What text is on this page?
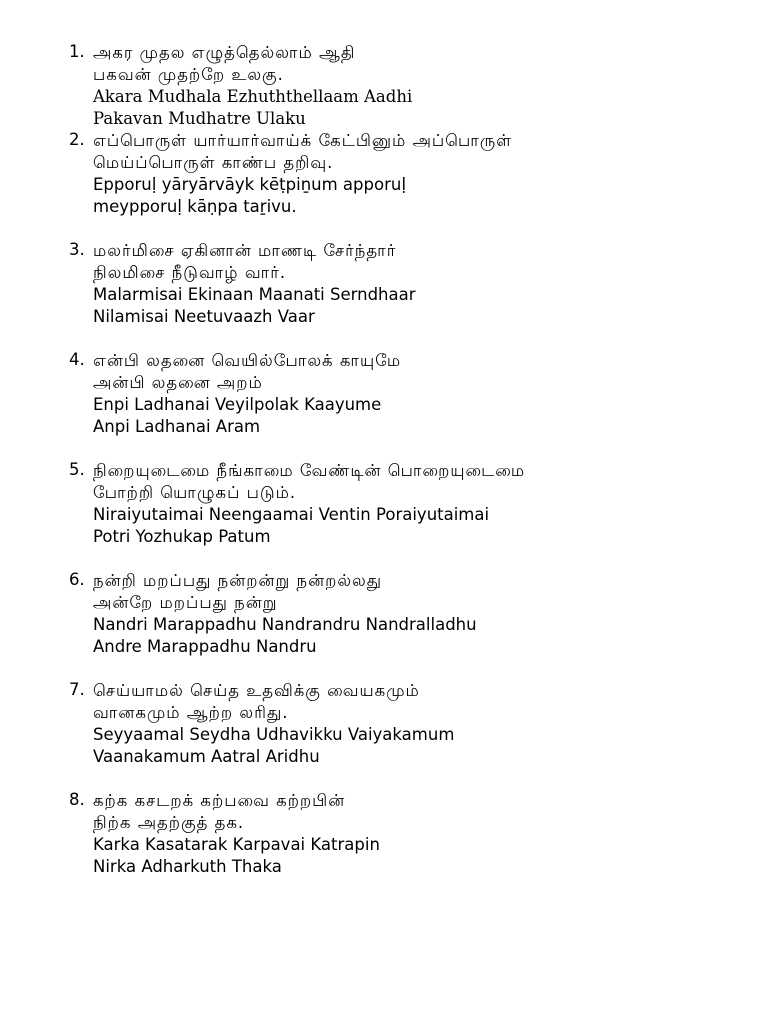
1. அகர முதல எழுத்தெல்லாம் ஆதி
பகவன் முதற்றே உலகு.
Akara Mudhala Ezhuththellaam Aadhi
Pakavan Mudhatre Ulaku
2. எப்பொருள் யார்யார்வாய்க் கேட்பினும் அப்பொருள்
மெய்ப்பொருள் காண்ப தறிவு.
Epporuḷ yāryārvāyk kēṭpiṉum apporuḷ
meypporuḷ kāṇpa taṟivu.
3. மலர்மிசை ஏகினான் மாணடி சேர்ந்தார்
நிலமிசை நீடுவாழ் வார்.
Malarmisai Ekinaan Maanati Serndhaar
Nilamisai Neetuvaazh Vaar
4. என்பி லதனை வெயில்போலக் காயுமே
அன்பி லதனை அறம்
Enpi Ladhanai Veyilpolak Kaayume
Anpi Ladhanai Aram
5. நிறையுடைமை நீங்காமை வேண்டின் பொறையுடைமை
போற்றி யொழுகப் படும்.
Niraiyutaimai Neengaamai Ventin Poraiyutaimai
Potri Yozhukap Patum
6. நன்றி மறப்பது நன்றன்று நன்றல்லது
அன்றே மறப்பது நன்று
Nandri Marappadhu Nandrandru Nandralladhu
Andre Marappadhu Nandru
7. செய்யாமல் செய்த உதவிக்கு வையகமும்
வானகமும் ஆற்ற லரிது.
Seyyaamal Seydha Udhavikku Vaiyakamum
Vaanakamum Aatral Aridhu
8. கற்க கசடறக் கற்பவை கற்றபின்
நிற்க அதற்குத் தக.
Karka Kasatarak Karpavai Katrapin
Nirka Adharkuth Thaka
